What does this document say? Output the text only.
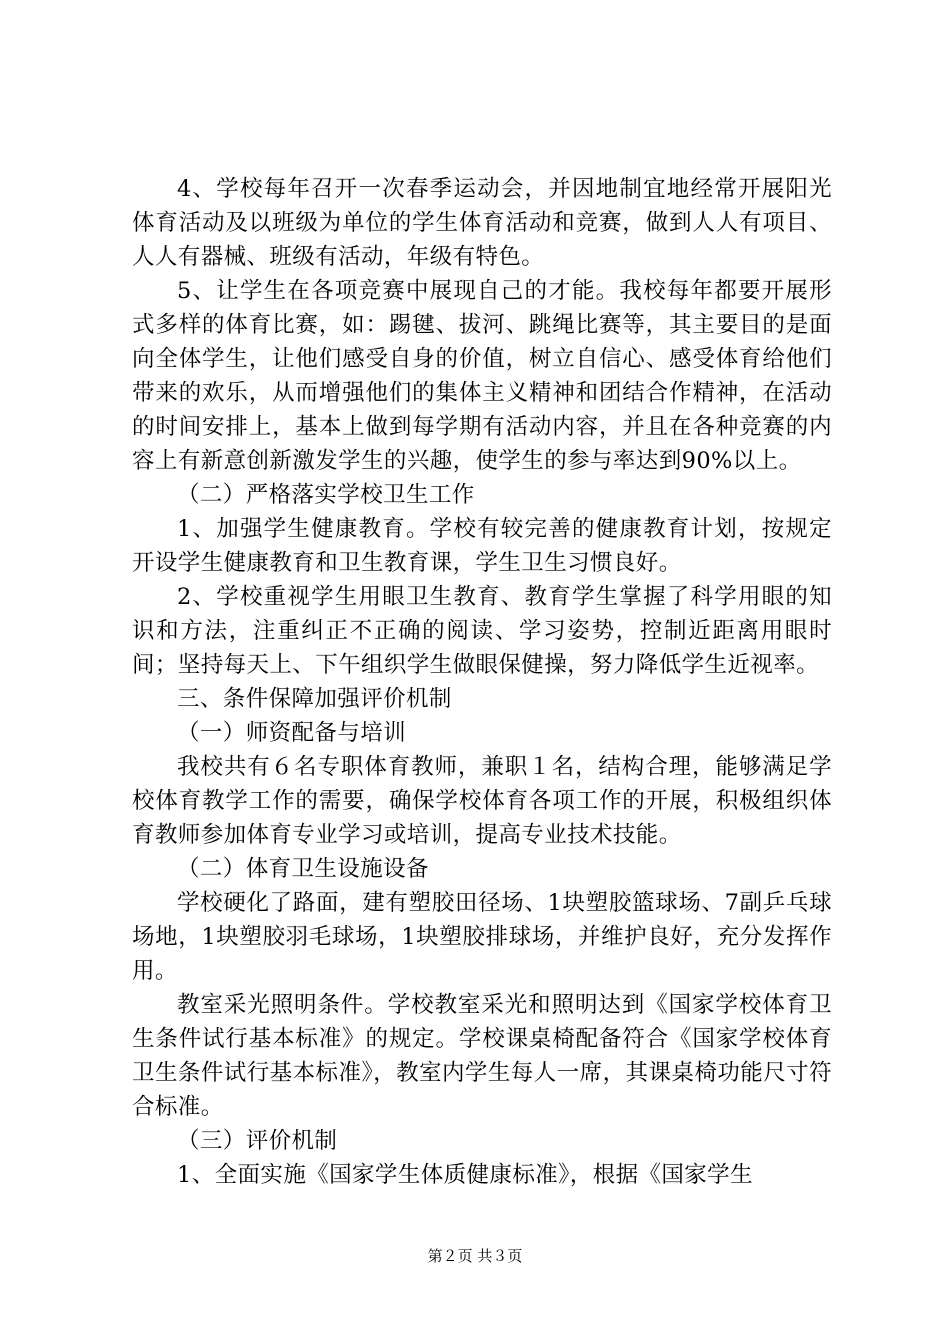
4、学校每年召开一次春季运动会，并因地制宜地经常开展阳光体育活动及以班级为单位的学生体育活动和竞赛，做到人人有项目、人人有器械、班级有活动，年级有特色。

5、让学生在各项竞赛中展现自己的才能。我校每年都要开展形式多样的体育比赛，如：踢毽、拔河、跳绳比赛等，其主要目的是面向全体学生，让他们感受自身的价值，树立自信心、感受体育给他们带来的欢乐，从而增强他们的集体主义精神和团结合作精神，在活动的时间安排上，基本上做到每学期有活动内容，并且在各种竞赛的内容上有新意创新激发学生的兴趣，使学生的参与率达到90%以上。

（二）严格落实学校卫生工作

1、加强学生健康教育。学校有较完善的健康教育计划，按规定开设学生健康教育和卫生教育课，学生卫生习惯良好。

2、学校重视学生用眼卫生教育、教育学生掌握了科学用眼的知识和方法，注重纠正不正确的阅读、学习姿势，控制近距离用眼时间；坚持每天上、下午组织学生做眼保健操，努力降低学生近视率。

三、条件保障加强评价机制

（一）师资配备与培训

我校共有６名专职体育教师，兼职１名，结构合理，能够满足学校体育教学工作的需要，确保学校体育各项工作的开展，积极组织体育教师参加体育专业学习或培训，提高专业技术技能。

（二）体育卫生设施设备

学校硬化了路面，建有塑胶田径场、1块塑胶篮球场、7副乒乓球场地，1块塑胶羽毛球场，1块塑胶排球场，并维护良好，充分发挥作用。

教室采光照明条件。学校教室采光和照明达到《国家学校体育卫生条件试行基本标准》的规定。学校课桌椅配备符合《国家学校体育卫生条件试行基本标准》，教室内学生每人一席，其课桌椅功能尺寸符合标准。

（三）评价机制

1、全面实施《国家学生体质健康标准》，根据《国家学生

第２页 共３页
